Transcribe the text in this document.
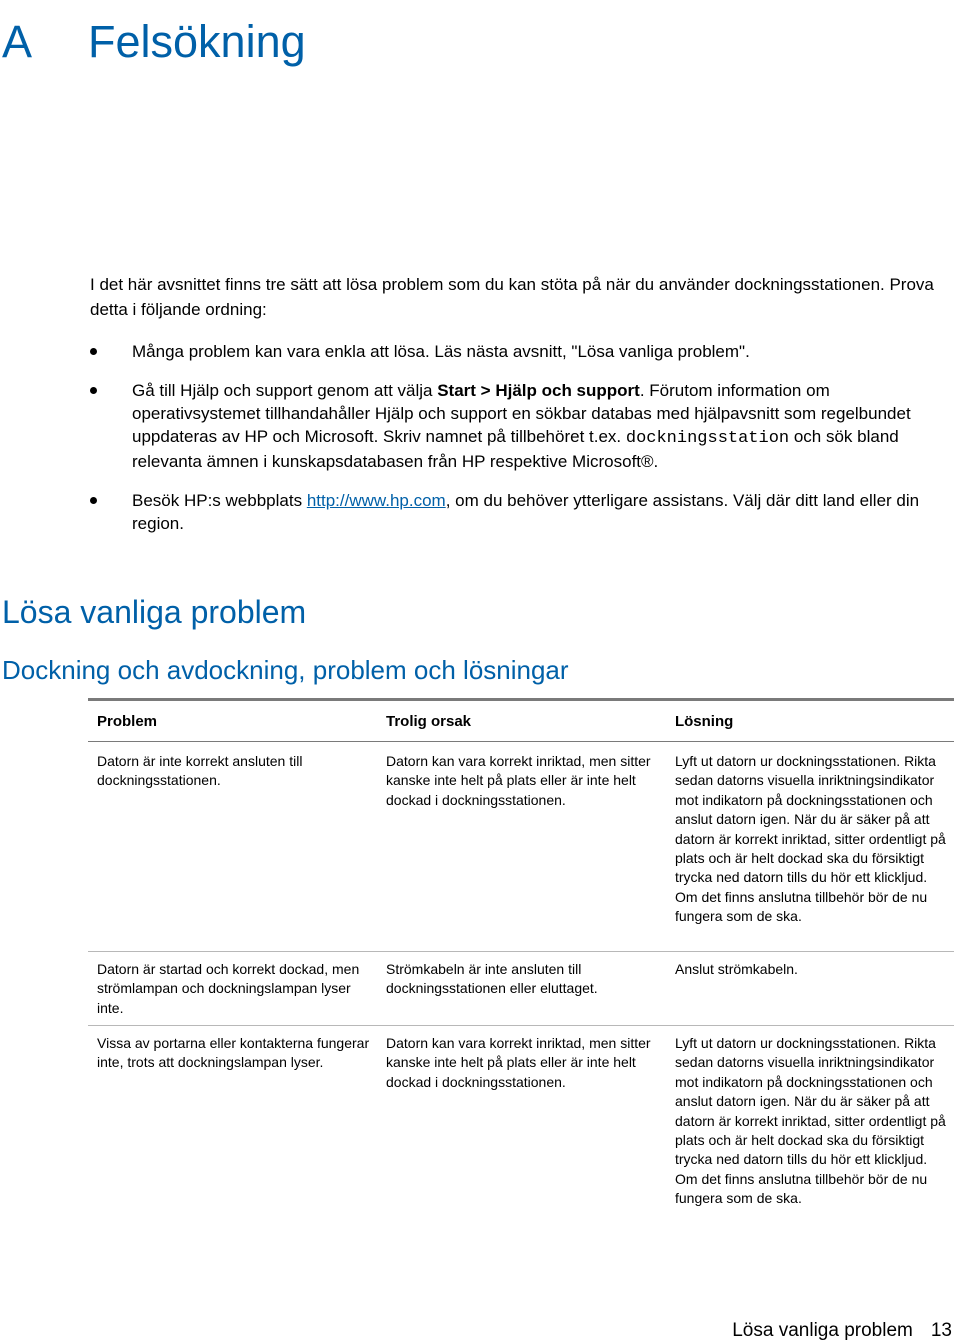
A Felsökning

I det här avsnittet finns tre sätt att lösa problem som du kan stöta på när du använder dockningsstationen. Prova detta i följande ordning:

Många problem kan vara enkla att lösa. Läs nästa avsnitt, "Lösa vanliga problem".
Gå till Hjälp och support genom att välja Start > Hjälp och support. Förutom information om operativsystemet tillhandahåller Hjälp och support en sökbar databas med hjälpavsnitt som regelbundet uppdateras av HP och Microsoft. Skriv namnet på tillbehöret t.ex. dockningsstation och sök bland relevanta ämnen i kunskapsdatabasen från HP respektive Microsoft®.
Besök HP:s webbplats http://www.hp.com, om du behöver ytterligare assistans. Välj där ditt land eller din region.
Lösa vanliga problem
Dockning och avdockning, problem och lösningar
Problem	Trolig orsak	Lösning
Datorn är inte korrekt ansluten till dockningsstationen.
Datorn kan vara korrekt inriktad, men sitter kanske inte helt på plats eller är inte helt dockad i dockningsstationen.
Lyft ut datorn ur dockningsstationen. Rikta sedan datorns visuella inriktningsindikator mot indikatorn på dockningsstationen och anslut datorn igen. När du är säker på att datorn är korrekt inriktad, sitter ordentligt på plats och är helt dockad ska du försiktigt trycka ned datorn tills du hör ett klickljud. Om det finns anslutna tillbehör bör de nu fungera som de ska.
Datorn är startad och korrekt dockad, men strömlampan och dockningslampan lyser inte.
Strömkabeln är inte ansluten till dockningsstationen eller eluttaget.
Anslut strömkabeln.
Vissa av portarna eller kontakterna fungerar inte, trots att dockningslampan lyser.
Datorn kan vara korrekt inriktad, men sitter kanske inte helt på plats eller är inte helt dockad i dockningsstationen.
Lyft ut datorn ur dockningsstationen. Rikta sedan datorns visuella inriktningsindikator mot indikatorn på dockningsstationen och anslut datorn igen. När du är säker på att datorn är korrekt inriktad, sitter ordentligt på plats och är helt dockad ska du försiktigt trycka ned datorn tills du hör ett klickljud. Om det finns anslutna tillbehör bör de nu fungera som de ska.
Lösa vanliga problem 13
